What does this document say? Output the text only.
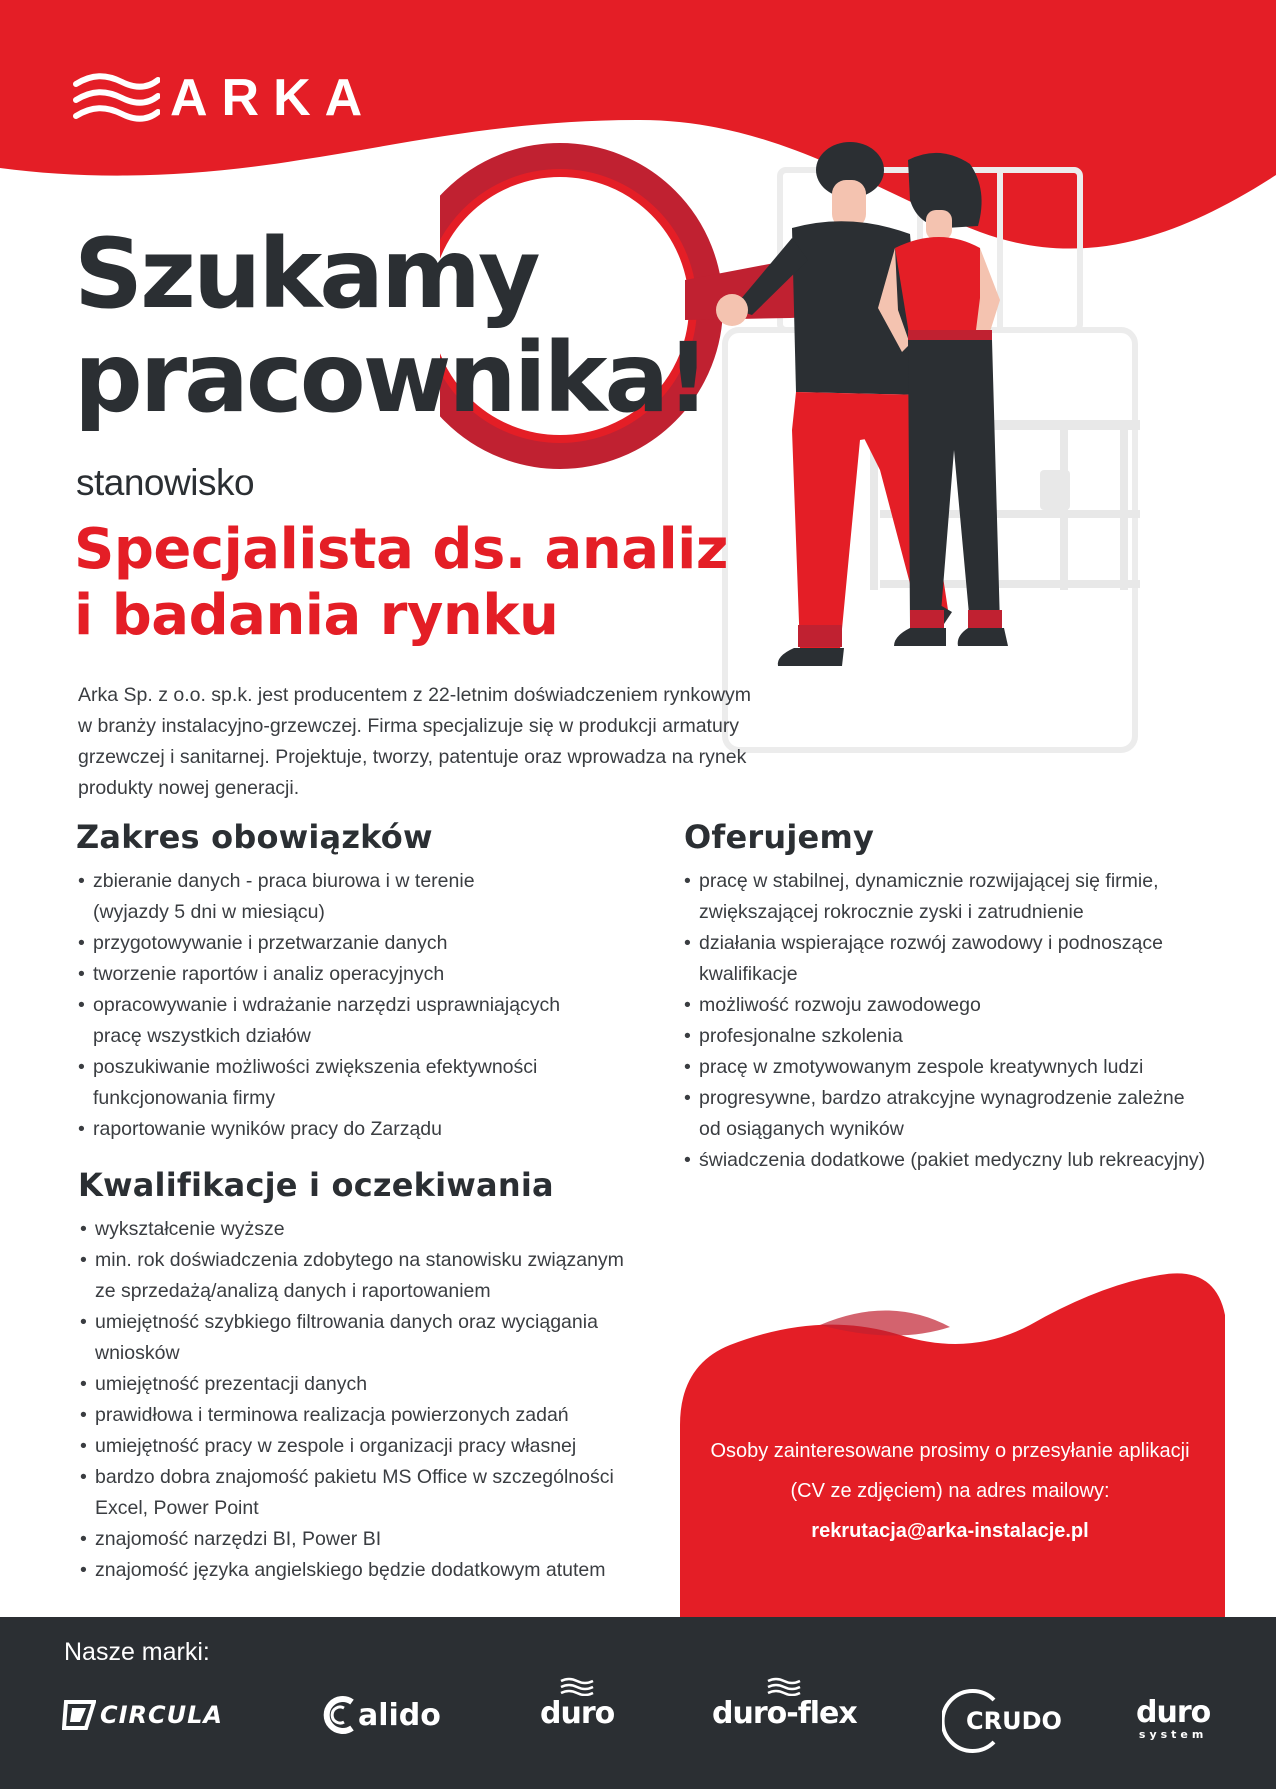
ARKA
Szukamy
pracownika!
stanowisko
Specjalista ds. analiz
i badania rynku
Arka Sp. z o.o. sp.k. jest producentem z 22-letnim doświadczeniem rynkowym
w branży instalacyjno-grzewczej. Firma specjalizuje się w produkcji armatury
grzewczej i sanitarnej. Projektuje, tworzy, patentuje oraz wprowadza na rynek
produkty nowej generacji.
Zakres obowiązków
• zbieranie danych - praca biurowa i w terenie
(wyjazdy 5 dni w miesiącu)
• przygotowywanie i przetwarzanie danych
• tworzenie raportów i analiz operacyjnych
• opracowywanie i wdrażanie narzędzi usprawniających
pracę wszystkich działów
• poszukiwanie możliwości zwiększenia efektywności
funkcjonowania firmy
• raportowanie wyników pracy do Zarządu
Oferujemy
• pracę w stabilnej, dynamicznie rozwijającej się firmie,
zwiększającej rokrocznie zyski i zatrudnienie
• działania wspierające rozwój zawodowy i podnoszące
kwalifikacje
• możliwość rozwoju zawodowego
• profesjonalne szkolenia
• pracę w zmotywowanym zespole kreatywnych ludzi
• progresywne, bardzo atrakcyjne wynagrodzenie zależne
od osiąganych wyników
• świadczenia dodatkowe (pakiet medyczny lub rekreacyjny)
Kwalifikacje i oczekiwania
• wykształcenie wyższe
• min. rok doświadczenia zdobytego na stanowisku związanym
ze sprzedażą/analizą danych i raportowaniem
• umiejętność szybkiego filtrowania danych oraz wyciągania
wniosków
• umiejętność prezentacji danych
• prawidłowa i terminowa realizacja powierzonych zadań
• umiejętność pracy w zespole i organizacji pracy własnej
• bardzo dobra znajomość pakietu MS Office w szczególności
Excel, Power Point
• znajomość narzędzi BI, Power BI
• znajomość języka angielskiego będzie dodatkowym atutem
Osoby zainteresowane prosimy o przesyłanie aplikacji
(CV ze zdjęciem) na adres mailowy:
rekrutacja@arka-instalacje.pl
Nasze marki:
CIRCULA	alido	duro	duro-flex	CRUDO duro
system
